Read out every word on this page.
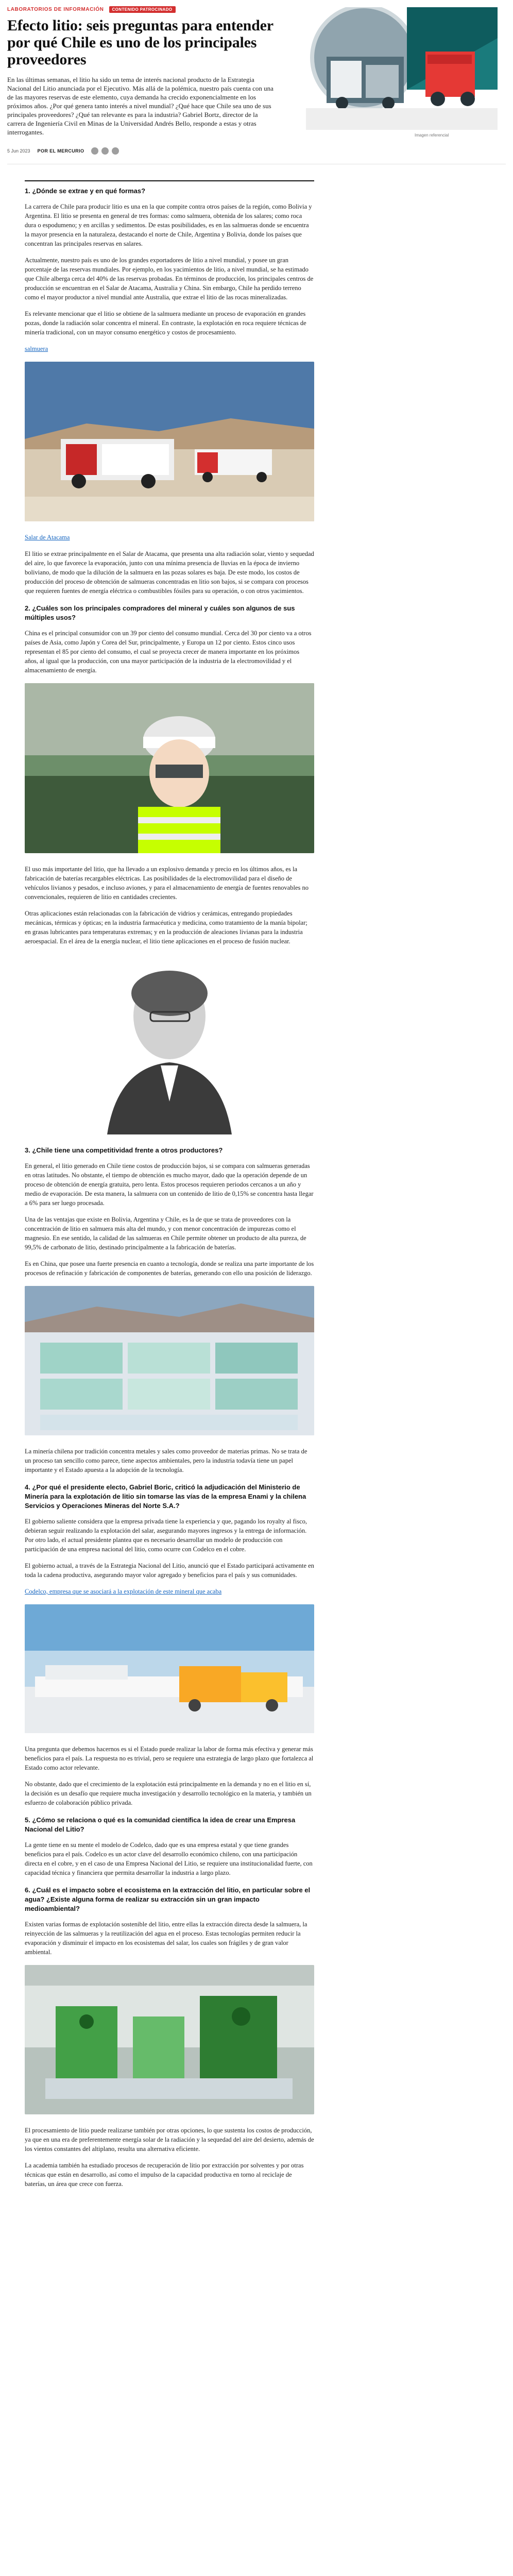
LABORATORIOS DE INFORMACIÓN	CONTENIDO PATROCINADO
Efecto litio: seis preguntas para entender por qué Chile es uno de los principales proveedores

En las últimas semanas, el litio ha sido un tema de interés nacional producto de la Estrategia Nacional del Litio anunciada por el Ejecutivo. Más allá de la polémica, nuestro país cuenta con una de las mayores reservas de este elemento, cuya demanda ha crecido exponencialmente en los próximos años. ¿Por qué genera tanto interés a nivel mundial? ¿Qué hace que Chile sea uno de sus principales proveedores? ¿Qué tan relevante es para la industria? Gabriel Bortz, director de la carrera de Ingeniería Civil en Minas de la Universidad Andrés Bello, responde a estas y otras interrogantes.	Imagen referencial
5 Jun 2023 POR EL MERCURIO
1. ¿Dónde se extrae y en qué formas?

La carrera de Chile para producir litio es una en la que compite contra otros países de la región, como Bolivia y Argentina. El litio se presenta en general de tres formas: como salmuera, obtenida de los salares; como roca dura o espodumeno; y en arcillas y sedimentos. De estas posibilidades, es en las salmueras donde se encuentra la mayor presencia en la naturaleza, destacando el norte de Chile, Argentina y Bolivia, donde los países que concentran las principales reservas en salares.

Actualmente, nuestro país es uno de los grandes exportadores de litio a nivel mundial, y posee un gran porcentaje de las reservas mundiales. Por ejemplo, en los yacimientos de litio, a nivel mundial, se ha estimado que Chile alberga cerca del 40% de las reservas probadas. En términos de producción, los principales centros de producción se encuentran en el Salar de Atacama, Australia y China. Sin embargo, Chile ha perdido terreno como el mayor productor a nivel mundial ante Australia, que extrae el litio de las rocas mineralizadas.

Es relevante mencionar que el litio se obtiene de la salmuera mediante un proceso de evaporación en grandes pozas, donde la radiación solar concentra el mineral. En contraste, la explotación en roca requiere técnicas de minería tradicional, con un mayor consumo energético y costos de procesamiento.

salmuera

Salar de Atacama

El litio se extrae principalmente en el Salar de Atacama, que presenta una alta radiación solar, viento y sequedad del aire, lo que favorece la evaporación, junto con una mínima presencia de lluvias en la época de invierno boliviano, de modo que la dilución de la salmuera en las pozas solares es baja. De este modo, los costos de producción del proceso de obtención de salmueras concentradas en litio son bajos, si se compara con procesos que requieren fuentes de energía eléctrica o combustibles fósiles para su operación, o con otros yacimientos.

2. ¿Cuáles son los principales compradores del mineral y cuáles son algunos de sus múltiples usos?

China es el principal consumidor con un 39 por ciento del consumo mundial. Cerca del 30 por ciento va a otros países de Asia, como Japón y Corea del Sur, principalmente, y Europa un 12 por ciento. Estos cinco usos representan el 85 por ciento del consumo, el cual se proyecta crecer de manera importante en los próximos años, al igual que la producción, con una mayor participación de la industria de la electromovilidad y el almacenamiento de energía.

El uso más importante del litio, que ha llevado a un explosivo demanda y precio en los últimos años, es la fabricación de baterías recargables eléctricas. Las posibilidades de la electromovilidad para el diseño de vehículos livianos y pesados, e incluso aviones, y para el almacenamiento de energía de fuentes renovables no convencionales, requieren de litio en cantidades crecientes.

Otras aplicaciones están relacionadas con la fabricación de vidrios y cerámicas, entregando propiedades mecánicas, térmicas y ópticas; en la industria farmacéutica y medicina, como tratamiento de la manía bipolar; en grasas lubricantes para temperaturas extremas; y en la producción de aleaciones livianas para la industria aeroespacial. En el área de la energía nuclear, el litio tiene aplicaciones en el proceso de fusión nuclear.

3. ¿Chile tiene una competitividad frente a otros productores?

En general, el litio generado en Chile tiene costos de producción bajos, si se compara con salmueras generadas en otras latitudes. No obstante, el tiempo de obtención es mucho mayor, dado que la operación depende de un proceso de obtención de energía gratuita, pero lenta. Estos procesos requieren periodos cercanos a un año y medio de evaporación. De esta manera, la salmuera con un contenido de litio de 0,15% se concentra hasta llegar a 6% para ser luego procesada.

Una de las ventajas que existe en Bolivia, Argentina y Chile, es la de que se trata de proveedores con la concentración de litio en salmuera más alta del mundo, y con menor concentración de impurezas como el magnesio. En ese sentido, la calidad de las salmueras en Chile permite obtener un producto de alta pureza, de 99,5% de carbonato de litio, destinado principalmente a la fabricación de baterías.

Es en China, que posee una fuerte presencia en cuanto a tecnología, donde se realiza una parte importante de los procesos de refinación y fabricación de componentes de baterías, generando con ello una posición de liderazgo.

La minería chilena por tradición concentra metales y sales como proveedor de materias primas. No se trata de un proceso tan sencillo como parece, tiene aspectos ambientales, pero la industria todavía tiene un papel importante y el Estado apuesta a la adopción de la tecnología.

4. ¿Por qué el presidente electo, Gabriel Boric, criticó la adjudicación del Ministerio de Minería para la explotación de litio sin tomarse las vías de la empresa Enami y la chilena Servicios y Operaciones Mineras del Norte S.A.?

El gobierno saliente considera que la empresa privada tiene la experiencia y que, pagando los royalty al fisco, debieran seguir realizando la explotación del salar, asegurando mayores ingresos y la entrega de información. Por otro lado, el actual presidente plantea que es necesario desarrollar un modelo de producción con participación de una empresa nacional del litio, como ocurre con Codelco en el cobre.

El gobierno actual, a través de la Estrategia Nacional del Litio, anunció que el Estado participará activamente en toda la cadena productiva, asegurando mayor valor agregado y beneficios para el país y sus comunidades.

Codelco, empresa que se asociará a la explotación de este mineral que acaba

Una pregunta que debemos hacernos es si el Estado puede realizar la labor de forma más efectiva y generar más beneficios para el país. La respuesta no es trivial, pero se requiere una estrategia de largo plazo que fortalezca al Estado como actor relevante.

No obstante, dado que el crecimiento de la explotación está principalmente en la demanda y no en el litio en sí, la decisión es un desafío que requiere mucha investigación y desarrollo tecnológico en la materia, y también un esfuerzo de colaboración público privada.

5. ¿Cómo se relaciona o qué es la comunidad científica la idea de crear una Empresa Nacional del Litio?

La gente tiene en su mente el modelo de Codelco, dado que es una empresa estatal y que tiene grandes beneficios para el país. Codelco es un actor clave del desarrollo económico chileno, con una participación directa en el cobre, y en el caso de una Empresa Nacional del Litio, se requiere una institucionalidad fuerte, con capacidad técnica y financiera que permita desarrollar la industria a largo plazo.

6. ¿Cuál es el impacto sobre el ecosistema en la extracción del litio, en particular sobre el agua? ¿Existe alguna forma de realizar su extracción sin un gran impacto medioambiental?

Existen varias formas de explotación sostenible del litio, entre ellas la extracción directa desde la salmuera, la reinyección de las salmueras y la reutilización del agua en el proceso. Estas tecnologías permiten reducir la evaporación y disminuir el impacto en los ecosistemas del salar, los cuales son frágiles y de gran valor ambiental.

El procesamiento de litio puede realizarse también por otras opciones, lo que sustenta los costos de producción, ya que en una era de preferentemente energía solar de la radiación y la sequedad del aire del desierto, además de los vientos constantes del altiplano, resulta una alternativa eficiente.

La academia también ha estudiado procesos de recuperación de litio por extracción por solventes y por otras técnicas que están en desarrollo, así como el impulso de la capacidad productiva en torno al reciclaje de baterías, un área que crece con fuerza.
